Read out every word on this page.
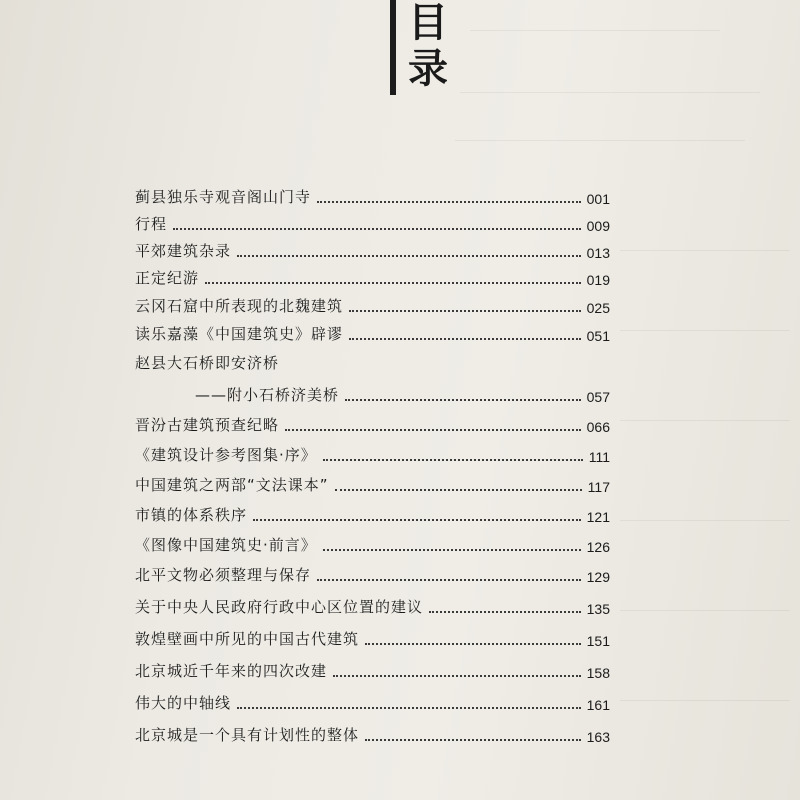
目
录
蓟县独乐寺观音阁山门寺	001
行程	009
平郊建筑杂录	013
正定纪游	019
云冈石窟中所表现的北魏建筑	025
读乐嘉藻《中国建筑史》辟谬	051
赵县大石桥即安济桥
——附小石桥济美桥	057
晋汾古建筑预查纪略	066
《建筑设计参考图集·序》	111
中国建筑之两部“文法课本”	117
市镇的体系秩序	121
《图像中国建筑史·前言》	126
北平文物必须整理与保存	129
关于中央人民政府行政中心区位置的建议	135
敦煌壁画中所见的中国古代建筑	151
北京城近千年来的四次改建	158
伟大的中轴线	161
北京城是一个具有计划性的整体	163
